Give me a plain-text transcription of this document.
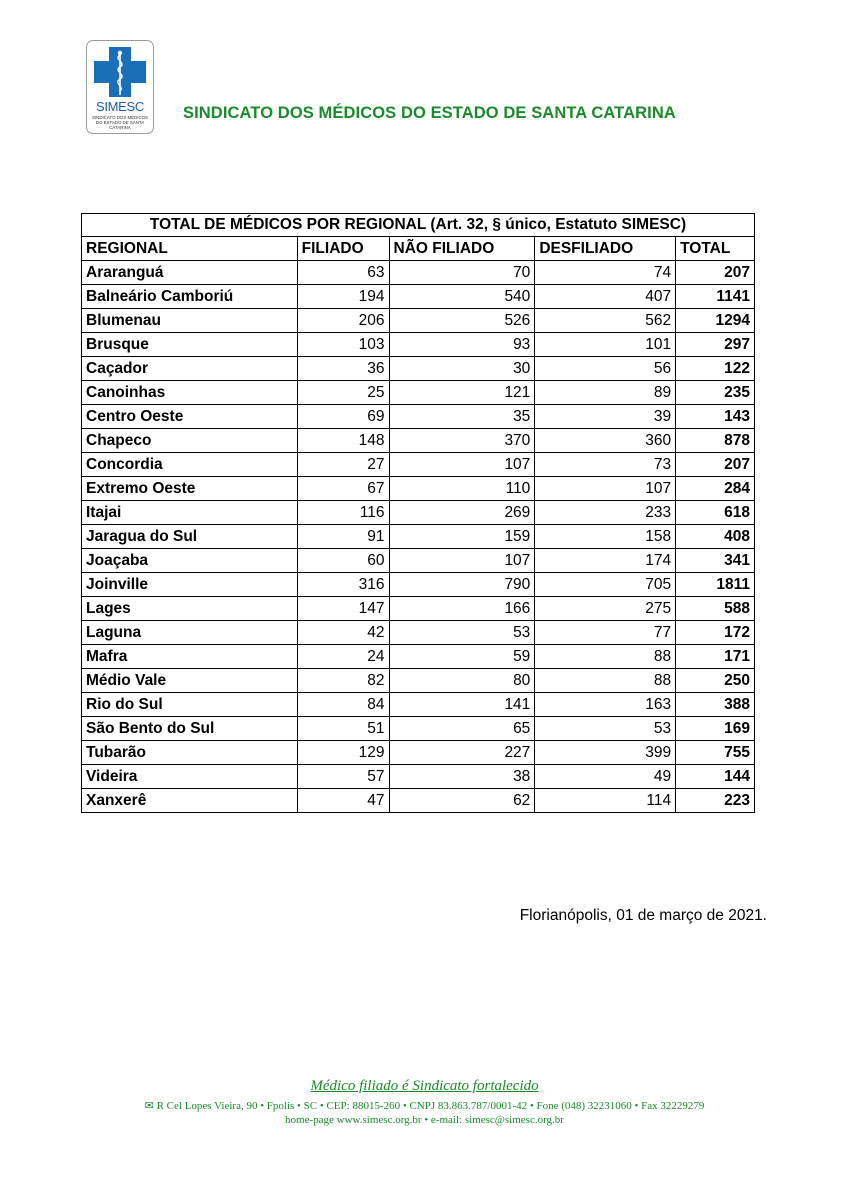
SIMESC
SINDICATO DOS MÉDICOS DO ESTADO DE SANTA CATARINA
SINDICATO DOS MÉDICOS DO ESTADO DE SANTA CATARINA
TOTAL DE MÉDICOS POR REGIONAL (Art. 32, § único, Estatuto SIMESC)				
REGIONAL	FILIADO	NÃO FILIADO	DESFILIADO	TOTAL
Araranguá	63	70	74	207
Balneário Camboriú	194	540	407	1141
Blumenau	206	526	562	1294
Brusque	103	93	101	297
Caçador	36	30	56	122
Canoinhas	25	121	89	235
Centro Oeste	69	35	39	143
Chapeco	148	370	360	878
Concordia	27	107	73	207
Extremo Oeste	67	110	107	284
Itajai	116	269	233	618
Jaragua do Sul	91	159	158	408
Joaçaba	60	107	174	341
Joinville	316	790	705	1811
Lages	147	166	275	588
Laguna	42	53	77	172
Mafra	24	59	88	171
Médio Vale	82	80	88	250
Rio do Sul	84	141	163	388
São Bento do Sul	51	65	53	169
Tubarão	129	227	399	755
Videira	57	38	49	144
Xanxerê	47	62	114	223
Florianópolis, 01 de março de 2021.
Médico filiado é Sindicato fortalecido
✉ R Cel Lopes Vieira, 90 • Fpolis • SC • CEP: 88015-260 • CNPJ 83.863.787/0001-42 • Fone (048) 32231060 • Fax 32229279
home-page www.simesc.org.br • e-mail: simesc@simesc.org.br
